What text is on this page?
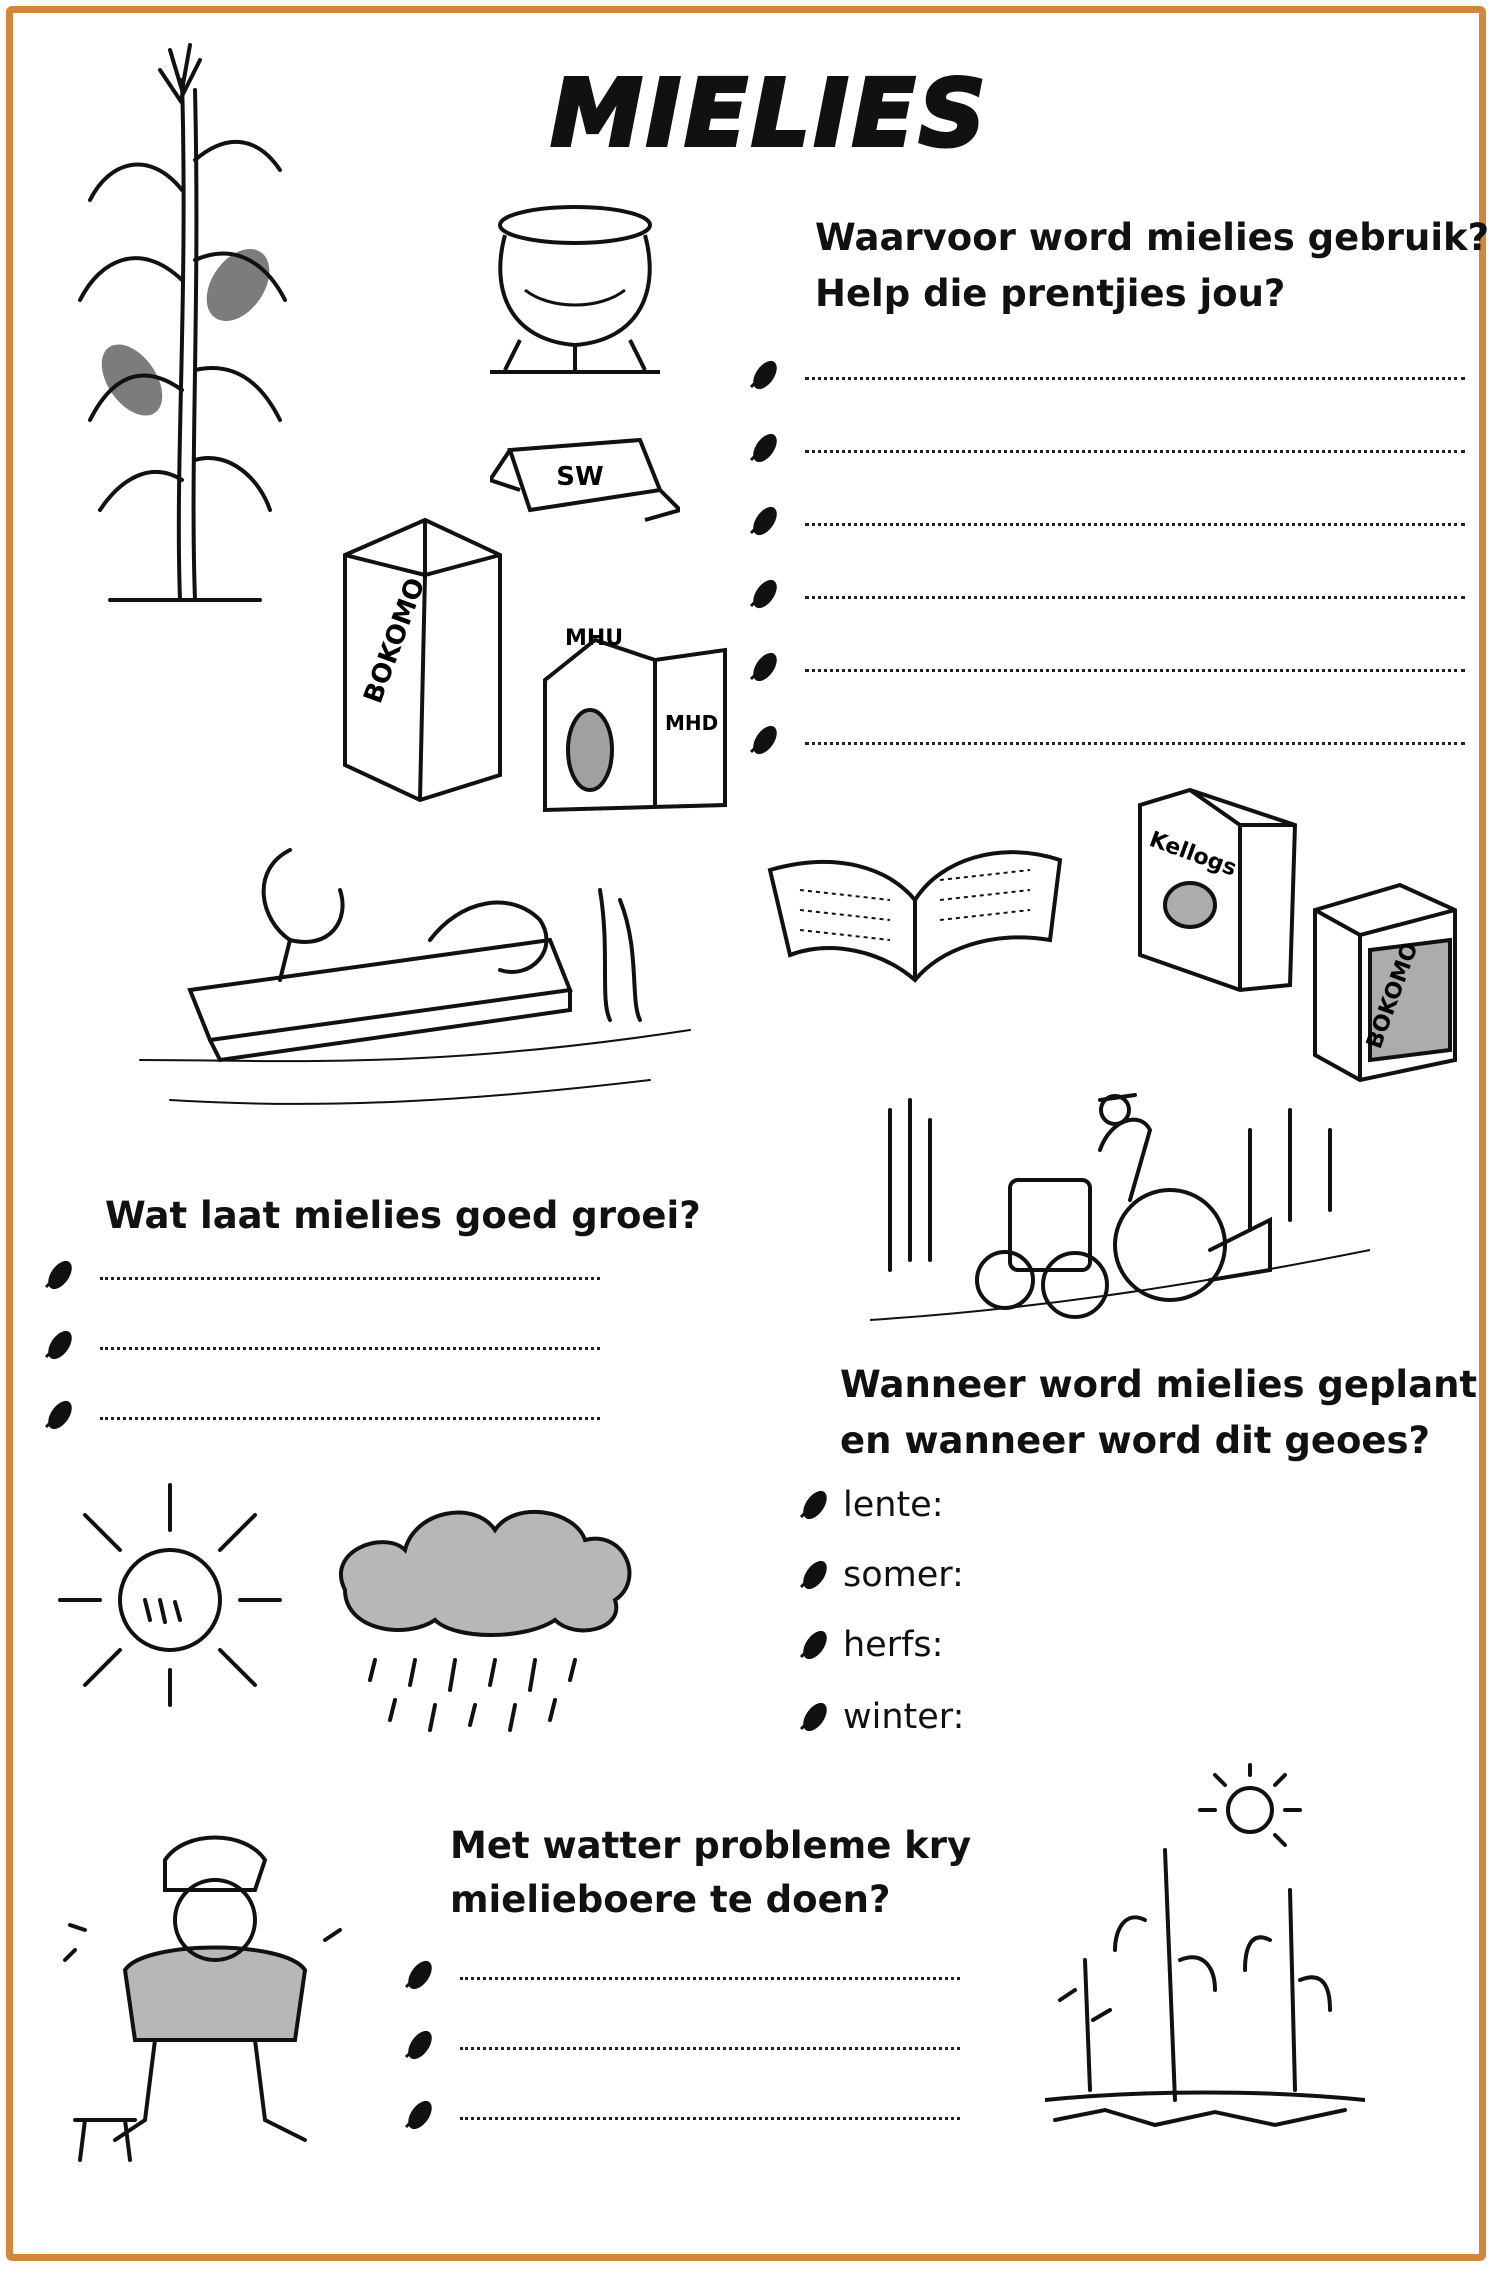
MIELIES
SW
BOKOMO	MHU
MHD
Kellogs
BOKOMO
Waarvoor word mielies gebruik?
Help die prentjies jou?
Wat laat mielies goed groei?
Wanneer word mielies geplant
en wanneer word dit geoes?
lente:
somer:
herfs:
winter:
Met watter probleme kry
mielieboere te doen?
